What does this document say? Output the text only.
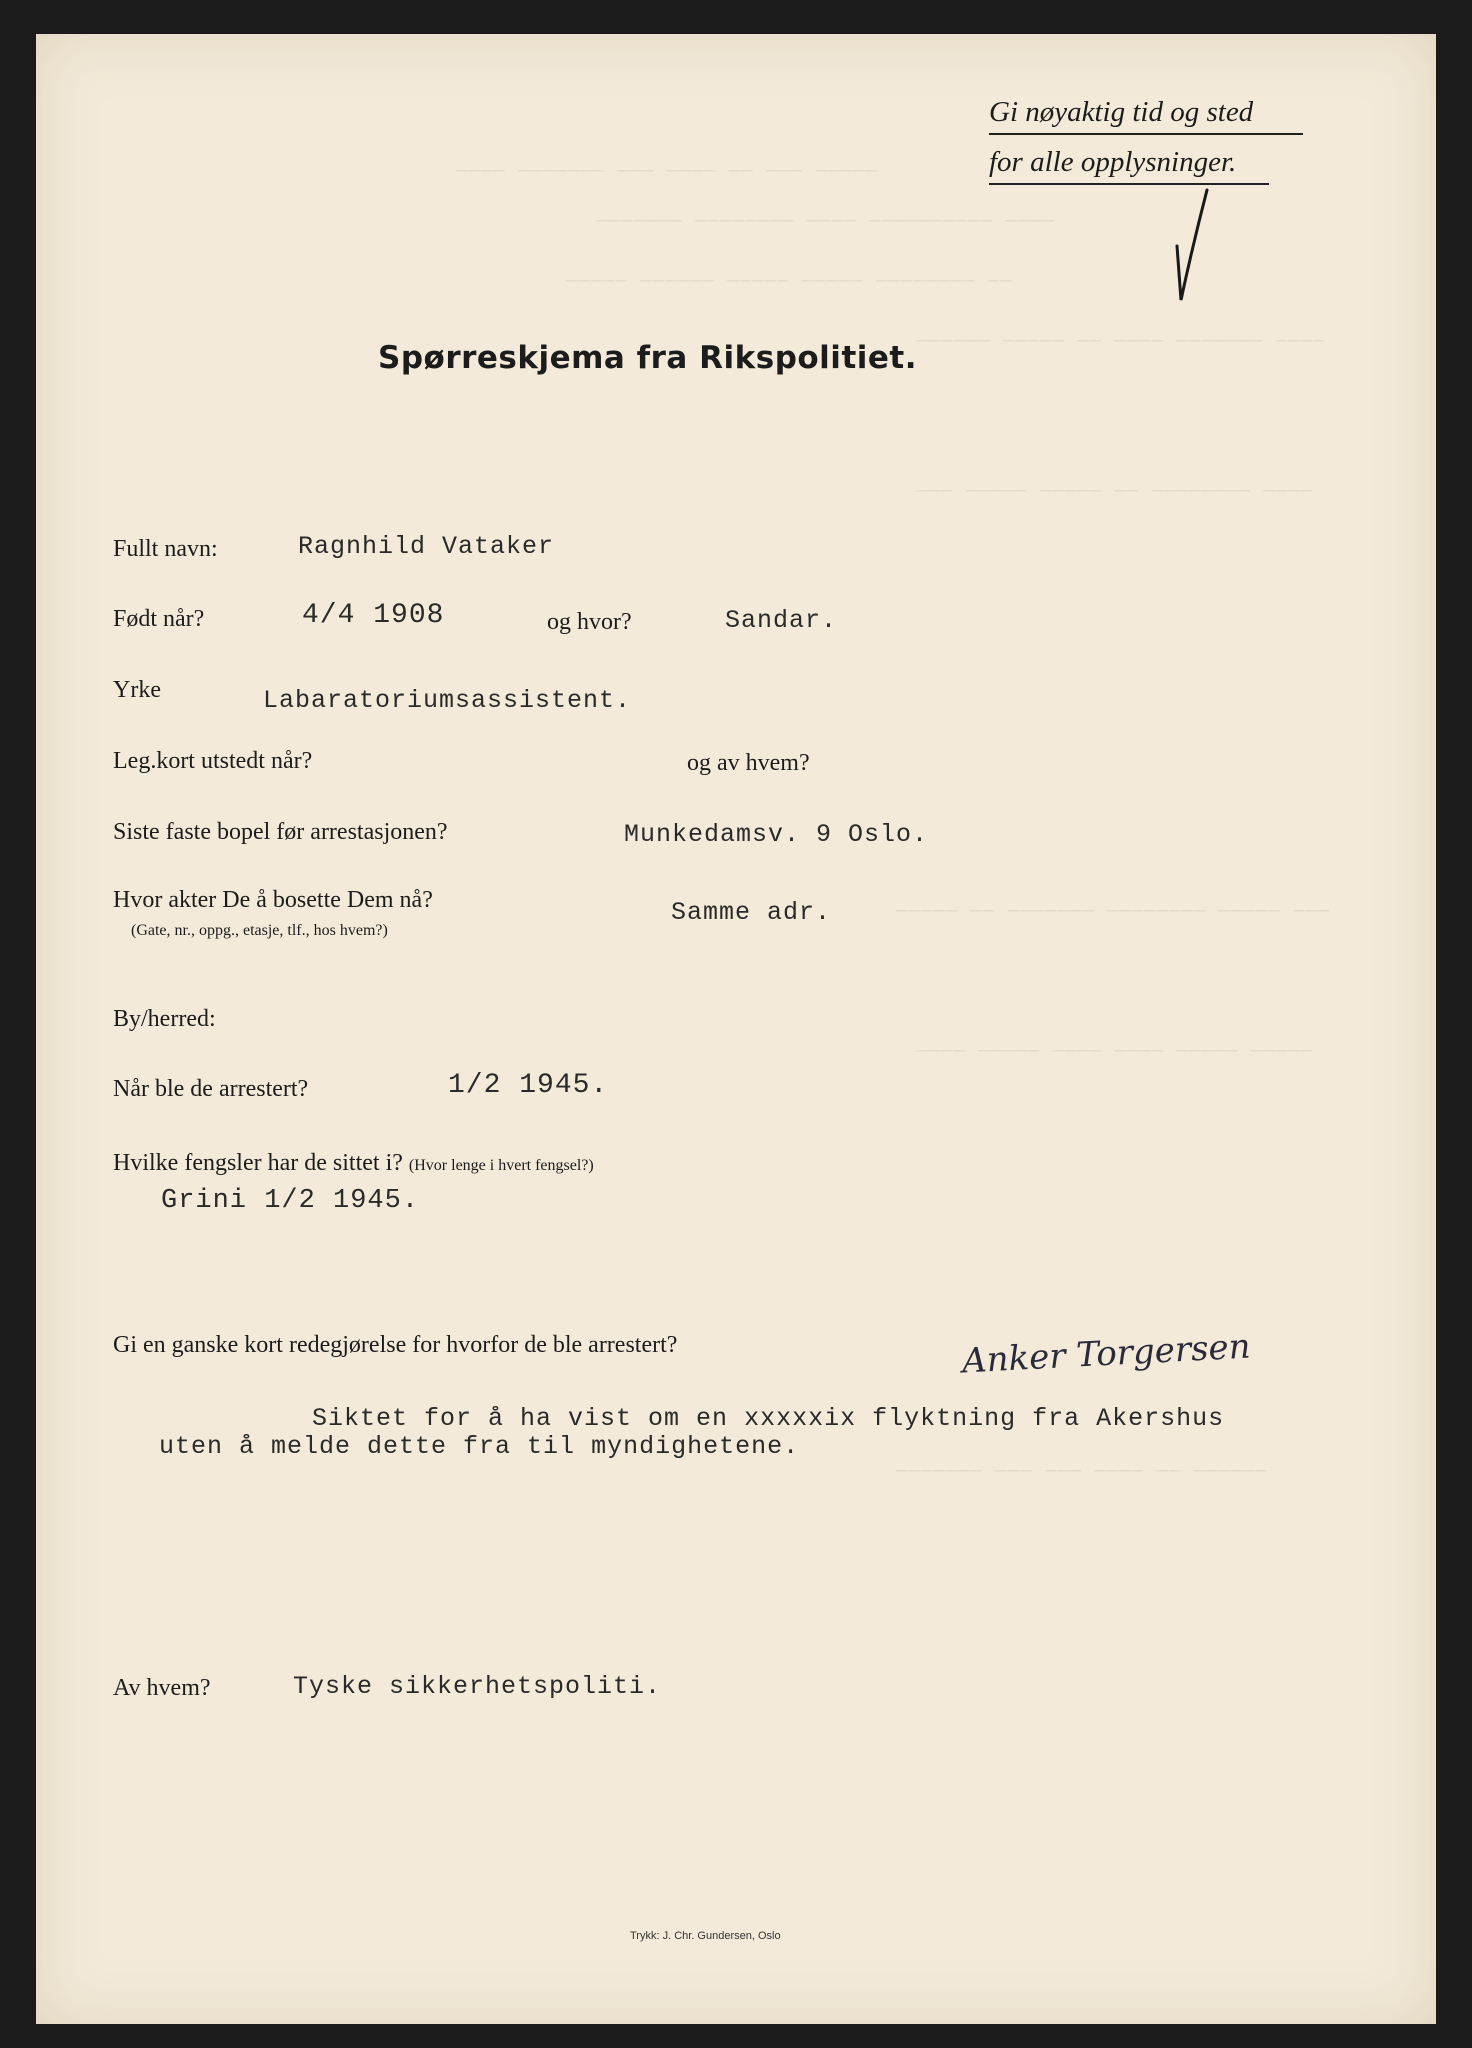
———— ——————— ——— ———— —— ——— —————
——————— ———————— ———— —————————— ————
————— —————— ————— ————— ———————— ——
—————— ————— —— ———— ——————— ————
——— ————— ————— —— ———————— ————
————— —— ——————— ———————— ————— ———
———— ————— ———— ———— ————— —————
——————— ——— ——— ———— —— ——————
Gi nøyaktig tid og sted
for alle opplysninger.
Spørreskjema fra Rikspolitiet.
Fullt navn:	Ragnhild Vataker
Født når?	4/4 1908	og hvor?	Sandar.
Yrke	Labaratoriumsassistent.
Leg.kort utstedt når?	og av hvem?
Siste faste bopel før arrestasjonen?	Munkedamsv. 9 Oslo.
Hvor akter De å bosette Dem nå?
(Gate, nr., oppg., etasje, tlf., hos hvem?)
Samme adr.
By/herred:
Når ble de arrestert?	1/2 1945.
Hvilke fengsler har de sittet i? (Hvor lenge i hvert fengsel?)
Grini 1/2 1945.
Gi en ganske kort redegjørelse for hvorfor de ble arrestert?	Anker Torgersen
Siktet for å ha vist om en xxxxxix flyktning fra Akershus
uten å melde dette fra til myndighetene.
Av hvem?	Tyske sikkerhetspoliti.
Trykk: J. Chr. Gundersen, Oslo
